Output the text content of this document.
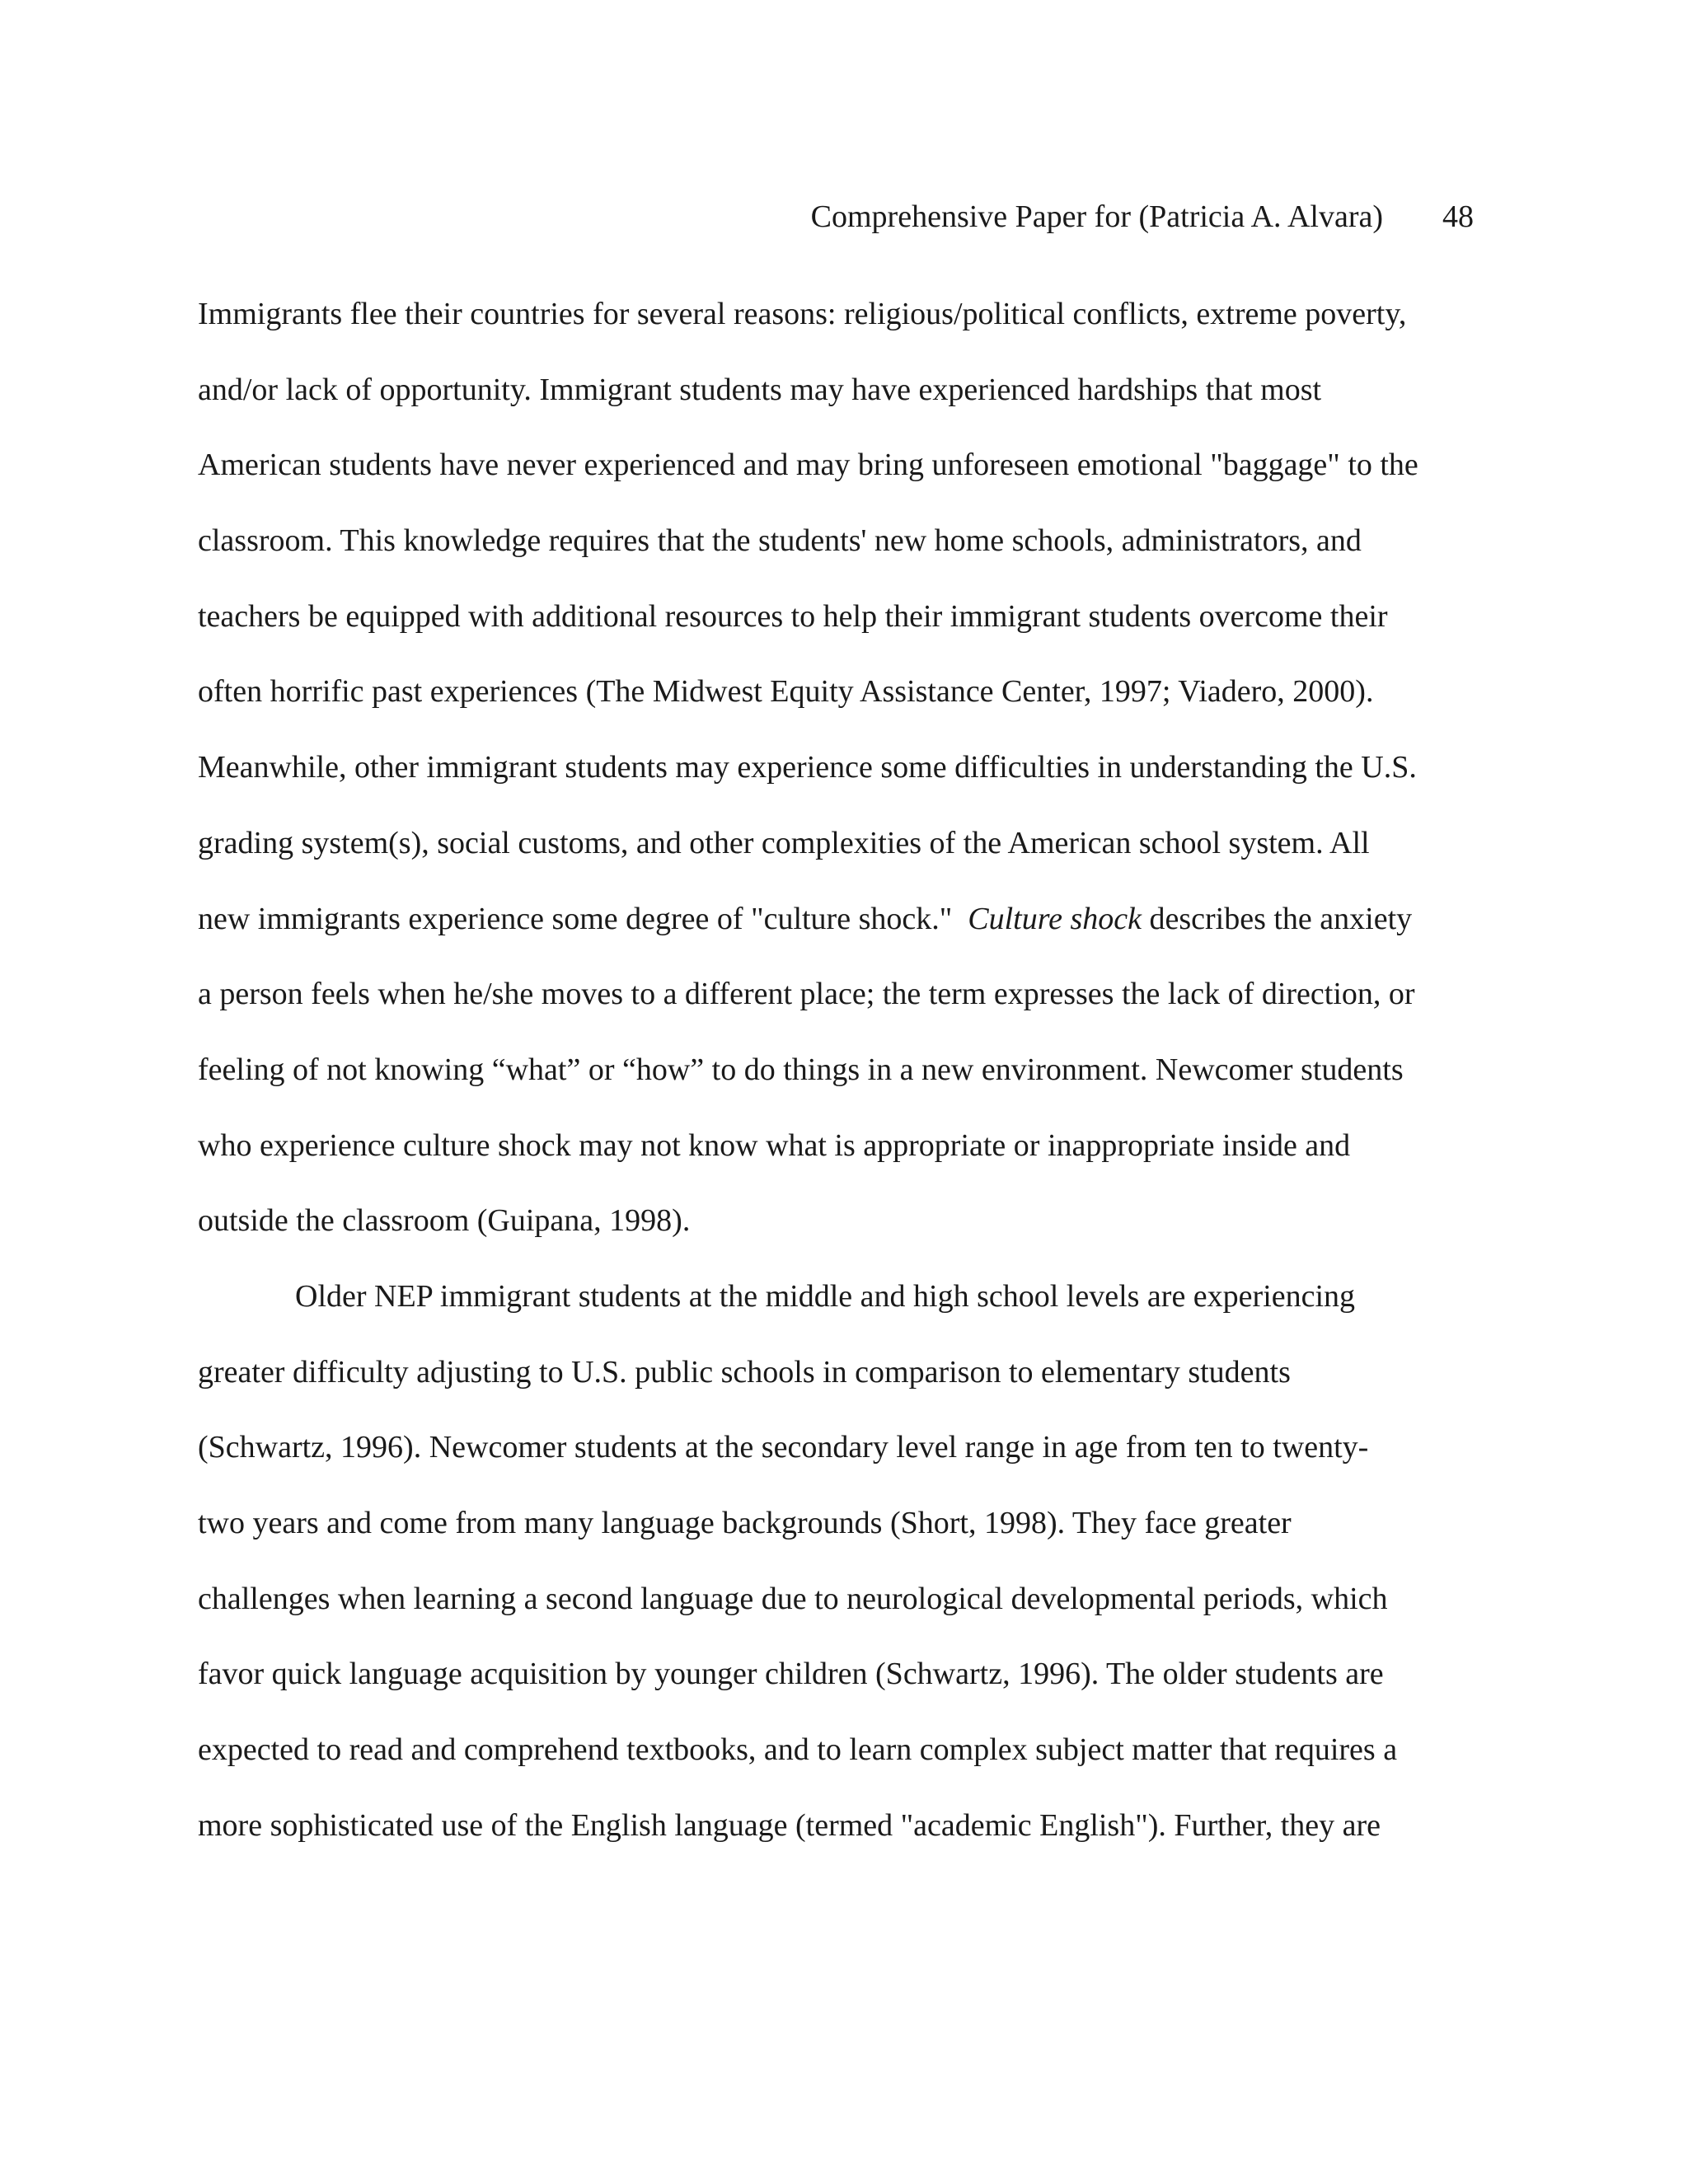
Comprehensive Paper for (Patricia A. Alvara) 48
Immigrants flee their countries for several reasons: religious/political conflicts, extreme poverty,
and/or lack of opportunity. Immigrant students may have experienced hardships that most
American students have never experienced and may bring unforeseen emotional "baggage" to the
classroom. This knowledge requires that the students' new home schools, administrators, and
teachers be equipped with additional resources to help their immigrant students overcome their
often horrific past experiences (The Midwest Equity Assistance Center, 1997; Viadero, 2000).
Meanwhile, other immigrant students may experience some difficulties in understanding the U.S.
grading system(s), social customs, and other complexities of the American school system. All
new immigrants experience some degree of "culture shock."  Culture shock describes the anxiety
a person feels when he/she moves to a different place; the term expresses the lack of direction, or
feeling of not knowing “what” or “how” to do things in a new environment. Newcomer students
who experience culture shock may not know what is appropriate or inappropriate inside and
outside the classroom (Guipana, 1998).
Older NEP immigrant students at the middle and high school levels are experiencing
greater difficulty adjusting to U.S. public schools in comparison to elementary students
(Schwartz, 1996). Newcomer students at the secondary level range in age from ten to twenty-
two years and come from many language backgrounds (Short, 1998). They face greater
challenges when learning a second language due to neurological developmental periods, which
favor quick language acquisition by younger children (Schwartz, 1996). The older students are
expected to read and comprehend textbooks, and to learn complex subject matter that requires a
more sophisticated use of the English language (termed "academic English"). Further, they are
